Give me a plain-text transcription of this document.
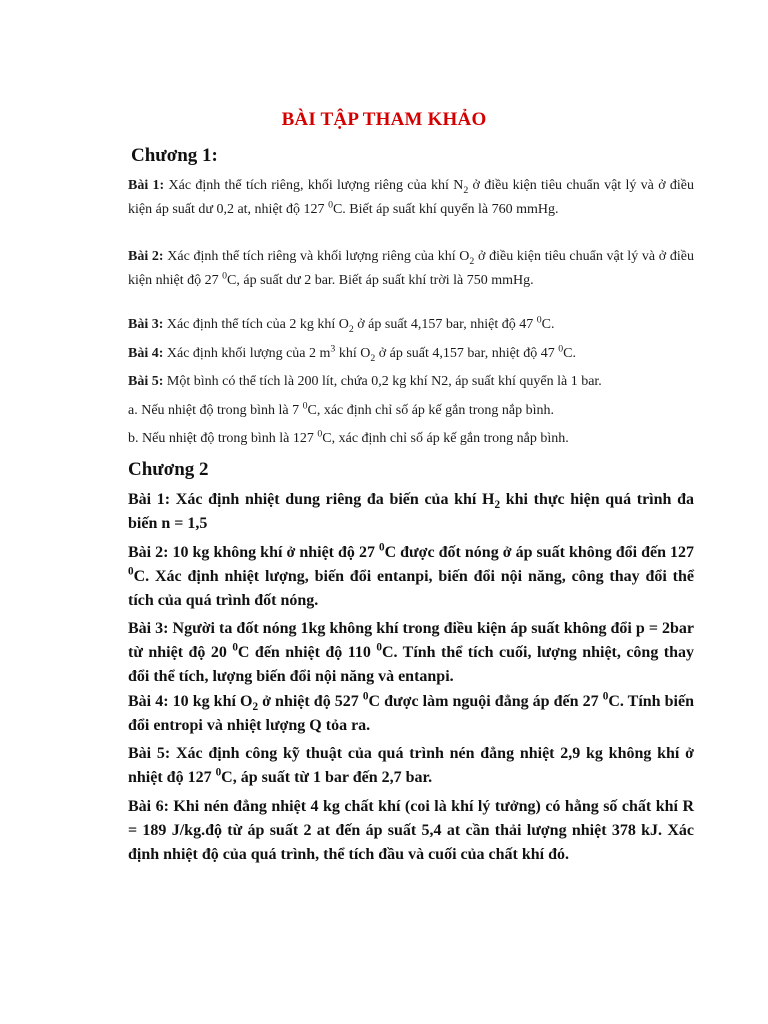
BÀI TẬP THAM KHẢO
Chương 1:

Bài 1: Xác định thể tích riêng, khối lượng riêng của khí $N_2$ ở điều kiện tiêu chuẩn vật lý và ở điều kiện áp suất dư 0,2 at, nhiệt độ 127 $^0$C. Biết áp suất khí quyển là 760 mmHg.

Bài 2: Xác định thể tích riêng và khối lượng riêng của khí $O_2$ ở điều kiện tiêu chuẩn vật lý và ở điều kiện nhiệt độ 27 $^0$C, áp suất dư 2 bar. Biết áp suất khí trời là 750 mmHg.

Bài 3: Xác định thể tích của 2 kg khí $O_2$ ở áp suất 4,157 bar, nhiệt độ 47 $^0$C.

Bài 4: Xác định khối lượng của 2 $m^3$ khí $O_2$ ở áp suất 4,157 bar, nhiệt độ 47 $^0$C.

Bài 5: Một bình có thể tích là 200 lít, chứa 0,2 kg khí N2, áp suất khí quyển là 1 bar.

a. Nếu nhiệt độ trong bình là 7 $^0$C, xác định chỉ số áp kế gắn trong nắp bình.

b. Nếu nhiệt độ trong bình là 127 $^0$C, xác định chỉ số áp kế gắn trong nắp bình.

Chương 2

Bài 1: Xác định nhiệt dung riêng đa biến của khí $H_2$ khi thực hiện quá trình đa biến n = 1,5

Bài 2: 10 kg không khí ở nhiệt độ 27 $^0$C được đốt nóng ở áp suất không đổi đến 127 $^0$C. Xác định nhiệt lượng, biến đổi entanpi, biến đổi nội năng, công thay đổi thể tích của quá trình đốt nóng.

Bài 3: Người ta đốt nóng 1kg không khí trong điều kiện áp suất không đổi p = 2bar từ nhiệt độ 20 $^0$C đến nhiệt độ 110 $^0$C. Tính thể tích cuối, lượng nhiệt, công thay đổi thể tích, lượng biến đổi nội năng và entanpi.

Bài 4: 10 kg khí $O_2$ ở nhiệt độ 527 $^0$C được làm nguội đẳng áp đến 27 $^0$C. Tính biến đổi entropi và nhiệt lượng Q tỏa ra.

Bài 5: Xác định công kỹ thuật của quá trình nén đẳng nhiệt 2,9 kg không khí ở nhiệt độ 127 $^0$C, áp suất từ 1 bar đến 2,7 bar.

Bài 6: Khi nén đẳng nhiệt 4 kg chất khí (coi là khí lý tưởng) có hằng số chất khí R = 189 J/kg.độ từ áp suất 2 at đến áp suất 5,4 at cần thải lượng nhiệt 378 kJ. Xác định nhiệt độ của quá trình, thể tích đầu và cuối của chất khí đó.
